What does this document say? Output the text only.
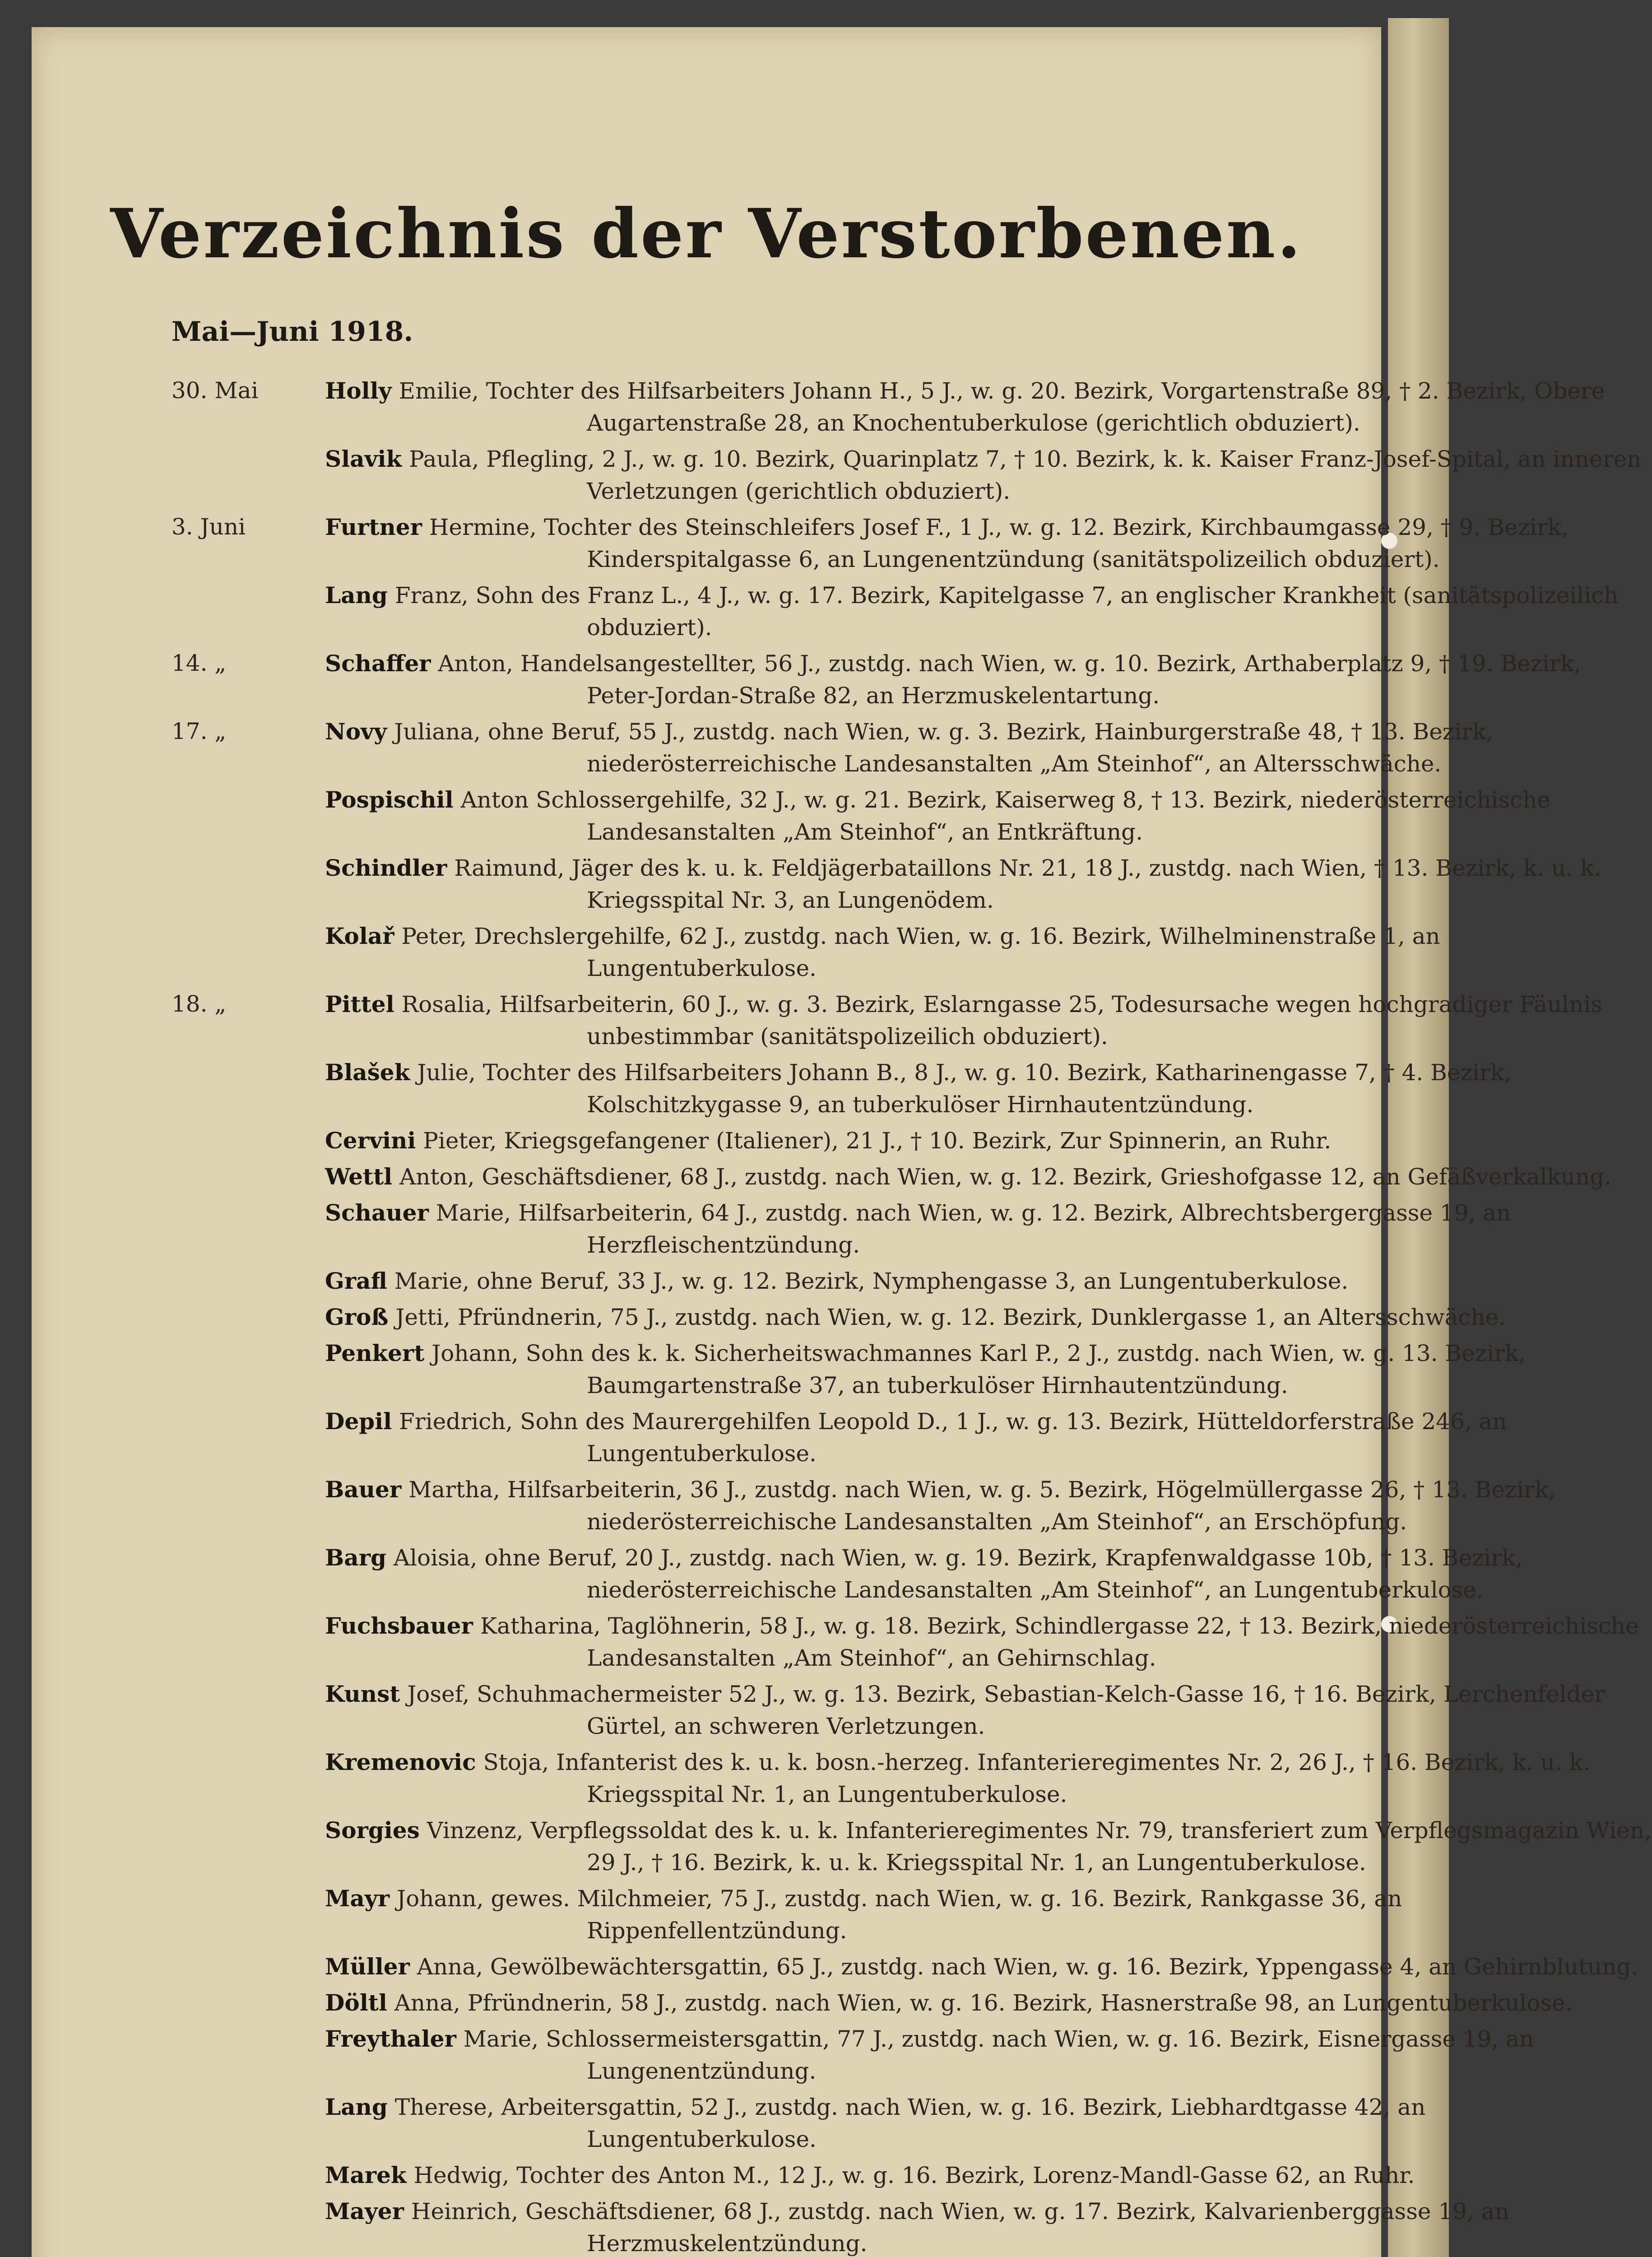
Verzeichnis der Verstorbenen.
Mai—Juni 1918.
30. Mai	Holly Emilie, Tochter des Hilfsarbeiters Johann H., 5 J., w. g. 20. Bezirk, Vorgartenstraße 89, † 2. Bezirk, Obere Augartenstraße 28, an Knochentuberkulose (gerichtlich obduziert).
Slavik Paula, Pflegling, 2 J., w. g. 10. Bezirk, Quarinplatz 7, † 10. Bezirk, k. k. Kaiser Franz-Josef-Spital, an inneren Verletzungen (gerichtlich obduziert).
3. Juni	Furtner Hermine, Tochter des Steinschleifers Josef F., 1 J., w. g. 12. Bezirk, Kirchbaumgasse 29, † 9. Bezirk, Kinderspitalgasse 6, an Lungenentzündung (sanitätspolizeilich obduziert).
Lang Franz, Sohn des Franz L., 4 J., w. g. 17. Bezirk, Kapitelgasse 7, an englischer Krankheit (sanitätspolizeilich obduziert).
14. „	Schaffer Anton, Handelsangestellter, 56 J., zustdg. nach Wien, w. g. 10. Bezirk, Arthaberplatz 9, † 19. Bezirk, Peter-Jordan-Straße 82, an Herzmuskelentartung.
17. „	Novy Juliana, ohne Beruf, 55 J., zustdg. nach Wien, w. g. 3. Bezirk, Hainburgerstraße 48, † 13. Bezirk, niederösterreichische Landesanstalten „Am Steinhof“, an Altersschwäche.
Pospischil Anton Schlossergehilfe, 32 J., w. g. 21. Bezirk, Kaiserweg 8, † 13. Bezirk, niederösterreichische Landesanstalten „Am Steinhof“, an Entkräftung.
Schindler Raimund, Jäger des k. u. k. Feldjägerbataillons Nr. 21, 18 J., zustdg. nach Wien, † 13. Bezirk, k. u. k. Kriegsspital Nr. 3, an Lungenödem.
Kolař Peter, Drechslergehilfe, 62 J., zustdg. nach Wien, w. g. 16. Bezirk, Wilhelminenstraße 1, an Lungentuberkulose.
18. „	Pittel Rosalia, Hilfsarbeiterin, 60 J., w. g. 3. Bezirk, Eslarngasse 25, Todesursache wegen hochgradiger Fäulnis unbestimmbar (sanitätspolizeilich obduziert).
Blašek Julie, Tochter des Hilfsarbeiters Johann B., 8 J., w. g. 10. Bezirk, Katharinengasse 7, † 4. Bezirk, Kolschitzkygasse 9, an tuberkulöser Hirnhautentzündung.
Cervini Pieter, Kriegsgefangener (Italiener), 21 J., † 10. Bezirk, Zur Spinnerin, an Ruhr.
Wettl Anton, Geschäftsdiener, 68 J., zustdg. nach Wien, w. g. 12. Bezirk, Grieshofgasse 12, an Gefäßverkalkung.
Schauer Marie, Hilfsarbeiterin, 64 J., zustdg. nach Wien, w. g. 12. Bezirk, Albrechtsbergergasse 19, an Herzfleischentzündung.
Grafl Marie, ohne Beruf, 33 J., w. g. 12. Bezirk, Nymphengasse 3, an Lungentuberkulose.
Groß Jetti, Pfründnerin, 75 J., zustdg. nach Wien, w. g. 12. Bezirk, Dunklergasse 1, an Altersschwäche.
Penkert Johann, Sohn des k. k. Sicherheitswachmannes Karl P., 2 J., zustdg. nach Wien, w. g. 13. Bezirk, Baumgartenstraße 37, an tuberkulöser Hirnhautentzündung.
Depil Friedrich, Sohn des Maurergehilfen Leopold D., 1 J., w. g. 13. Bezirk, Hütteldorferstraße 246, an Lungentuberkulose.
Bauer Martha, Hilfsarbeiterin, 36 J., zustdg. nach Wien, w. g. 5. Bezirk, Högelmüllergasse 26, † 13. Bezirk, niederösterreichische Landesanstalten „Am Steinhof“, an Erschöpfung.
Barg Aloisia, ohne Beruf, 20 J., zustdg. nach Wien, w. g. 19. Bezirk, Krapfenwaldgasse 10b, † 13. Bezirk, niederösterreichische Landesanstalten „Am Steinhof“, an Lungentuberkulose.
Fuchsbauer Katharina, Taglöhnerin, 58 J., w. g. 18. Bezirk, Schindlergasse 22, † 13. Bezirk, niederösterreichische Landesanstalten „Am Steinhof“, an Gehirnschlag.
Kunst Josef, Schuhmachermeister 52 J., w. g. 13. Bezirk, Sebastian-Kelch-Gasse 16, † 16. Bezirk, Lerchenfelder Gürtel, an schweren Verletzungen.
Kremenovic Stoja, Infanterist des k. u. k. bosn.-herzeg. Infanterieregimentes Nr. 2, 26 J., † 16. Bezirk, k. u. k. Kriegsspital Nr. 1, an Lungentuberkulose.
Sorgies Vinzenz, Verpflegssoldat des k. u. k. Infanterieregimentes Nr. 79, transferiert zum Verpflegsmagazin Wien, 29 J., † 16. Bezirk, k. u. k. Kriegsspital Nr. 1, an Lungentuberkulose.
Mayr Johann, gewes. Milchmeier, 75 J., zustdg. nach Wien, w. g. 16. Bezirk, Rankgasse 36, an Rippenfellentzündung.
Müller Anna, Gewölbewächtersgattin, 65 J., zustdg. nach Wien, w. g. 16. Bezirk, Yppengasse 4, an Gehirnblutung.
Döltl Anna, Pfründnerin, 58 J., zustdg. nach Wien, w. g. 16. Bezirk, Hasnerstraße 98, an Lungentuberkulose.
Freythaler Marie, Schlossermeistersgattin, 77 J., zustdg. nach Wien, w. g. 16. Bezirk, Eisnergasse 19, an Lungenentzündung.
Lang Therese, Arbeitersgattin, 52 J., zustdg. nach Wien, w. g. 16. Bezirk, Liebhardtgasse 42, an Lungentuberkulose.
Marek Hedwig, Tochter des Anton M., 12 J., w. g. 16. Bezirk, Lorenz-Mandl-Gasse 62, an Ruhr.
Mayer Heinrich, Geschäftsdiener, 68 J., zustdg. nach Wien, w. g. 17. Bezirk, Kalvarienberggasse 19, an Herzmuskelentzündung.
